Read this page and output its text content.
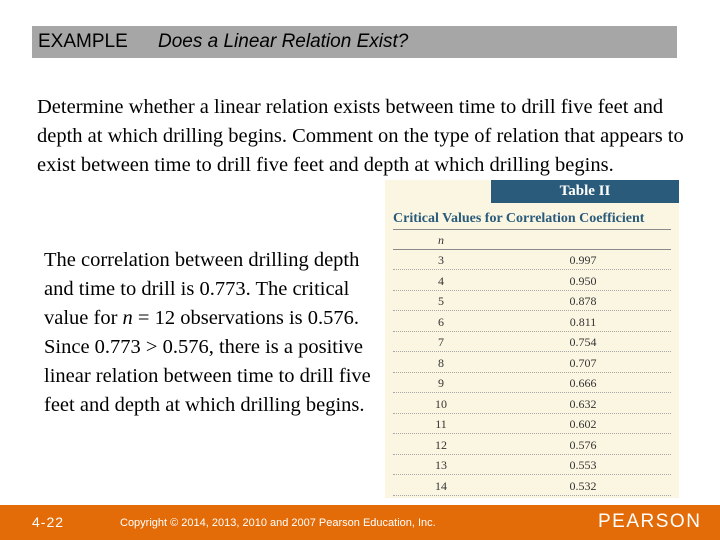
EXAMPLE Does a Linear Relation Exist?
Determine whether a linear relation exists between time to drill five feet and depth at which drilling begins. Comment on the type of relation that appears to exist between time to drill five feet and depth at which drilling begins.
The correlation between drilling depth and time to drill is 0.773. The critical value for n = 12 observations is 0.576. Since 0.773 > 0.576, there is a positive linear relation between time to drill five feet and depth at which drilling begins.
Table II
Critical Values for Correlation Coefficient
n
3	0.997
4	0.950
5	0.878
6	0.811
7	0.754
8	0.707
9	0.666
10	0.632
11	0.602
12	0.576
13	0.553
14	0.532
4-22	Copyright © 2014, 2013, 2010 and 2007 Pearson Education, Inc.	PEARSON
